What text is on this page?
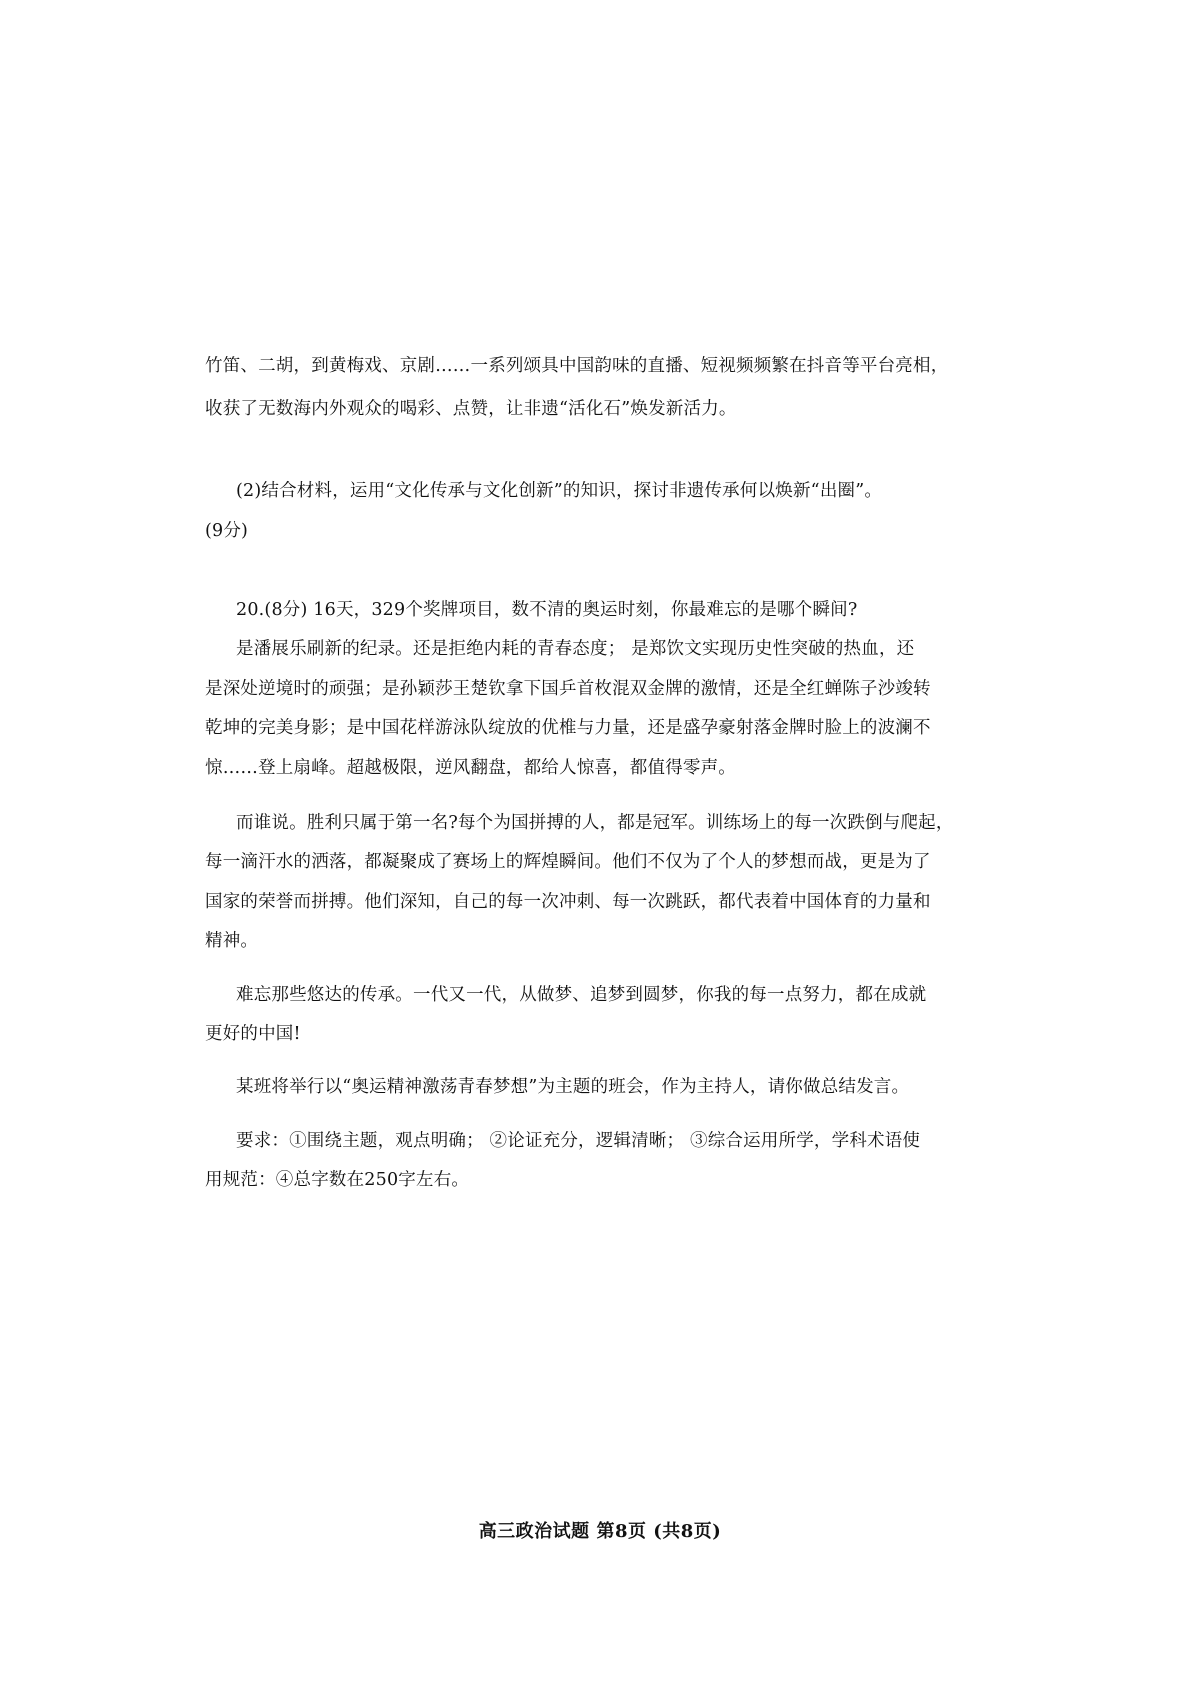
竹笛、二胡，到黄梅戏、京剧……一系列颂具中国韵味的直播、短视频频繁在抖音等平台亮相，
收获了无数海内外观众的喝彩、点赞，让非遗“活化石”焕发新活力。
(2)结合材料，运用“文化传承与文化创新”的知识，探讨非遗传承何以焕新“出圈”。
(9分)
20.(8分) 16天，329个奖牌项目，数不清的奥运时刻，你最难忘的是哪个瞬间?
是潘展乐刷新的纪录。还是拒绝内耗的青春态度； 是郑饮文实现历史性突破的热血，还
是深处逆境时的顽强；是孙颖莎王楚钦拿下国乒首枚混双金牌的激情，还是全红蝉陈子沙竣转
乾坤的完美身影；是中国花样游泳队绽放的优椎与力量，还是盛孕豪射落金牌时脸上的波澜不
惊……登上扇峰。超越极限，逆风翻盘，都给人惊喜，都值得零声。
而谁说。胜利只属于第一名?每个为国拼搏的人，都是冠军。训练场上的每一次跌倒与爬起，
每一滴汗水的洒落，都凝聚成了赛场上的辉煌瞬间。他们不仅为了个人的梦想而战，更是为了
国家的荣誉而拼搏。他们深知，自己的每一次冲刺、每一次跳跃，都代表着中国体育的力量和
精神。
难忘那些悠达的传承。一代又一代，从做梦、追梦到圆梦，你我的每一点努力，都在成就
更好的中国!
某班将举行以“奥运精神激荡青春梦想”为主题的班会，作为主持人，请你做总结发言。
要求：①围绕主题，观点明确； ②论证充分，逻辑清晰； ③综合运用所学，学科术语使
用规范：④总字数在250字左右。
高三政治试题 第8页 (共8页)
